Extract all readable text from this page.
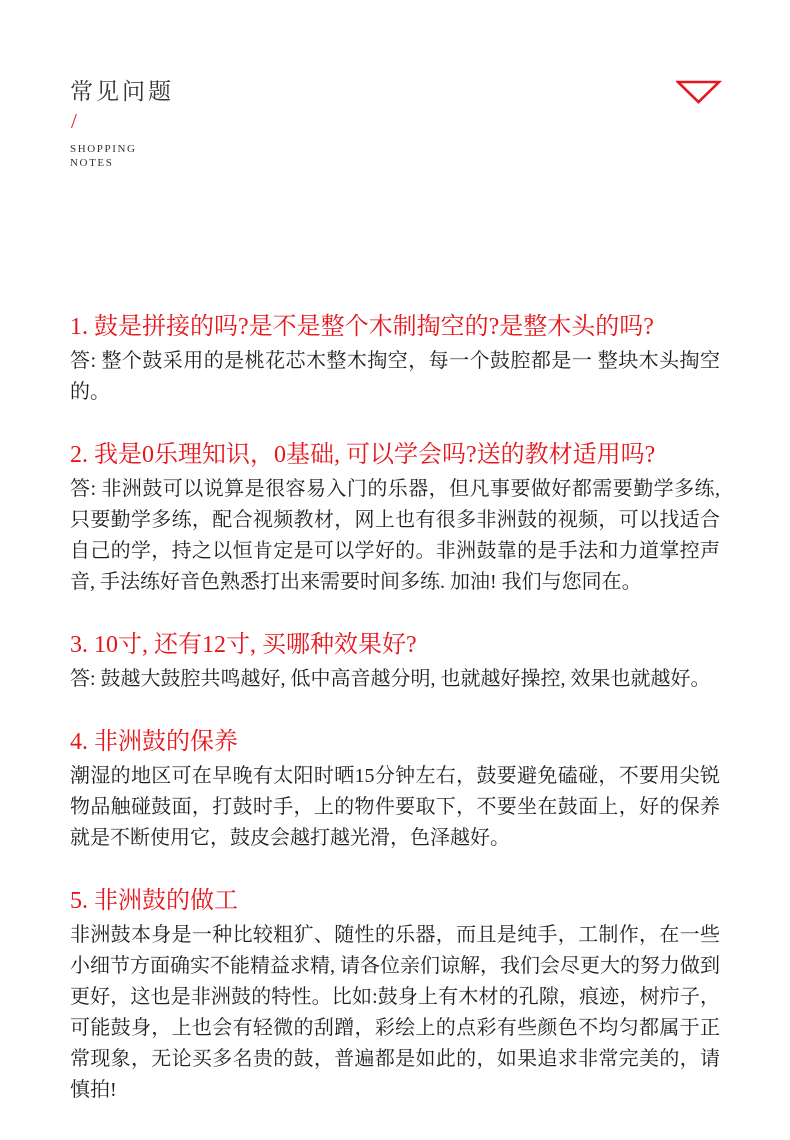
常见问题
/
SHOPPING
NOTES
1. 鼓是拼接的吗?是不是整个木制掏空的?是整木头的吗?
答: 整个鼓采用的是桃花芯木整木掏空，每一个鼓腔都是一 整块木头掏空
的。
2. 我是0乐理知识，0基础, 可以学会吗?送的教材适用吗?
答: 非洲鼓可以说算是很容易入门的乐器，但凡事要做好都需要勤学多练,
只要勤学多练，配合视频教材，网上也有很多非洲鼓的视频，可以找适合
自己的学，持之以恒肯定是可以学好的。非洲鼓靠的是手法和力道掌控声
音, 手法练好音色熟悉打出来需要时间多练. 加油! 我们与您同在。
3. 10寸, 还有12寸, 买哪种效果好?
答: 鼓越大鼓腔共鸣越好, 低中高音越分明, 也就越好操控, 效果也就越好。
4. 非洲鼓的保养
潮湿的地区可在早晚有太阳时晒15分钟左右，鼓要避免磕碰，不要用尖锐
物品触碰鼓面，打鼓时手，上的物件要取下，不要坐在鼓面上，好的保养
就是不断使用它，鼓皮会越打越光滑，色泽越好。
5. 非洲鼓的做工
非洲鼓本身是一种比较粗犷、随性的乐器，而且是纯手，工制作，在一些
小细节方面确实不能精益求精, 请各位亲们谅解，我们会尽更大的努力做到
更好，这也是非洲鼓的特性。比如:鼓身上有木材的孔隙，痕迹，树疖子，
可能鼓身，上也会有轻微的刮蹭，彩绘上的点彩有些颜色不均匀都属于正
常现象，无论买多名贵的鼓，普遍都是如此的，如果追求非常完美的，请
慎拍!
